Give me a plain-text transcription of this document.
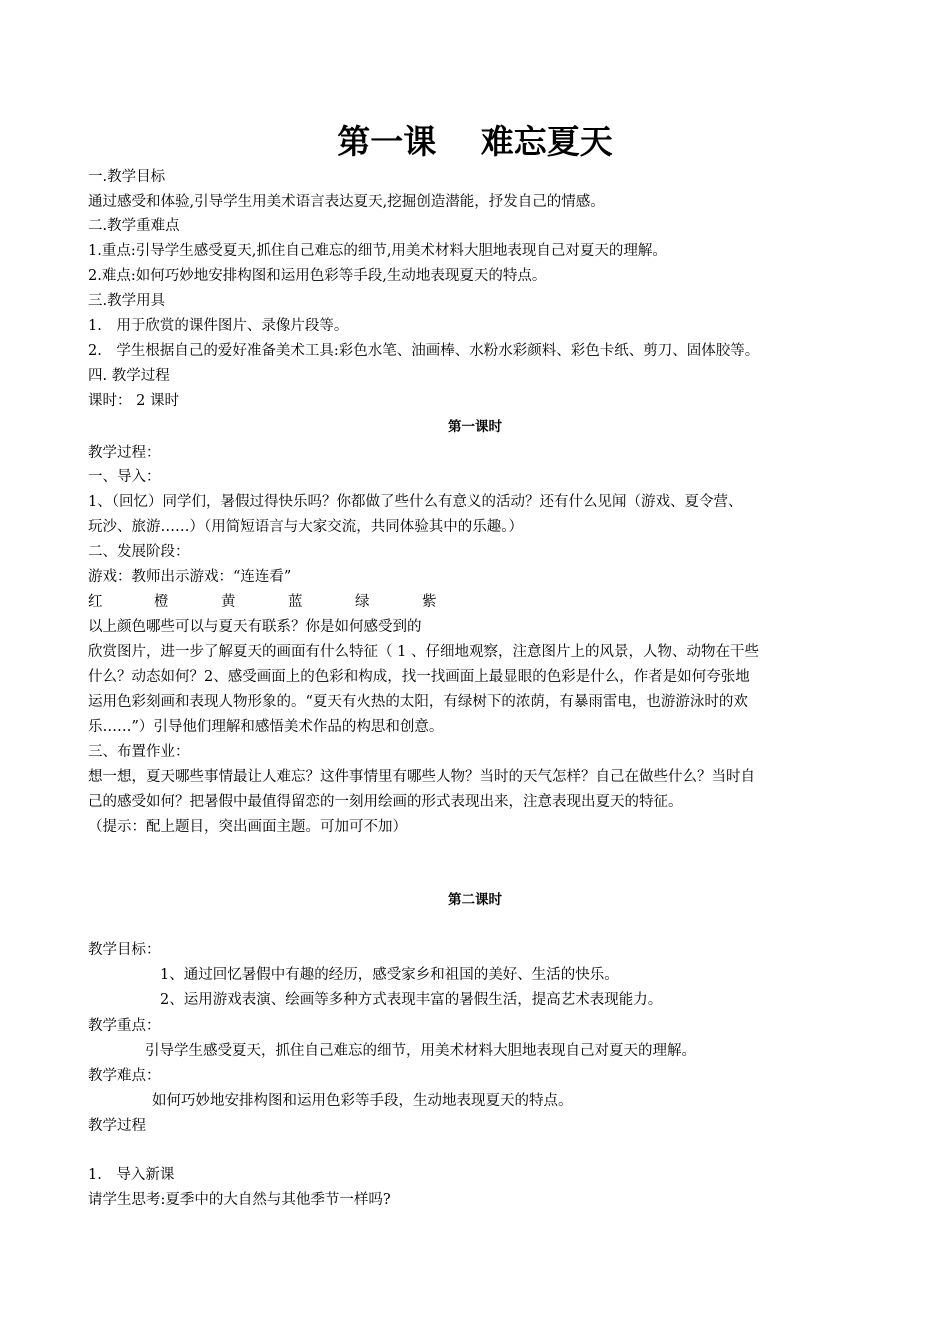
第一课　 难忘夏天
一.教学目标
通过感受和体验,引导学生用美术语言表达夏天,挖掘创造潜能，抒发自己的情感。
二.教学重难点
1.重点:引导学生感受夏天,抓住自己难忘的细节,用美术材料大胆地表现自己对夏天的理解。
2.难点:如何巧妙地安排构图和运用色彩等手段,生动地表现夏天的特点。
三.教学用具
1.　用于欣赏的课件图片、录像片段等。
2.　学生根据自己的爱好准备美术工具:彩色水笔、油画棒、水粉水彩颜料、彩色卡纸、剪刀、固体胶等。
四. 教学过程
课时： 2 课时
第一课时
教学过程：
一、导入：
1、（回忆）同学们，暑假过得快乐吗？你都做了些什么有意义的活动？还有什么见闻（游戏、夏令营、
玩沙、旅游……）（用简短语言与大家交流，共同体验其中的乐趣。）
二、发展阶段：
游戏：教师出示游戏：“连连看”
红	橙	黄	蓝	绿	紫
以上颜色哪些可以与夏天有联系？你是如何感受到的
欣赏图片，进一步了解夏天的画面有什么特征（ 1 、仔细地观察，注意图片上的风景，人物、动物在干些
什么？动态如何？2、感受画面上的色彩和构成，找一找画面上最显眼的色彩是什么，作者是如何夸张地
运用色彩刻画和表现人物形象的。“夏天有火热的太阳，有绿树下的浓荫，有暴雨雷电，也游游泳时的欢
乐……”）引导他们理解和感悟美术作品的构思和创意。
三、布置作业：
想一想，夏天哪些事情最让人难忘？这件事情里有哪些人物？当时的天气怎样？自己在做些什么？当时自
己的感受如何？把暑假中最值得留恋的一刻用绘画的形式表现出来，注意表现出夏天的特征。
（提示：配上题目，突出画面主题。可加可不加）
第二课时
教学目标：
1、通过回忆暑假中有趣的经历，感受家乡和祖国的美好、生活的快乐。
2、运用游戏表演、绘画等多种方式表现丰富的暑假生活，提高艺术表现能力。
教学重点：
引导学生感受夏天，抓住自己难忘的细节，用美术材料大胆地表现自己对夏天的理解。
教学难点：
如何巧妙地安排构图和运用色彩等手段，生动地表现夏天的特点。
教学过程
1.　导入新课
请学生思考:夏季中的大自然与其他季节一样吗?
